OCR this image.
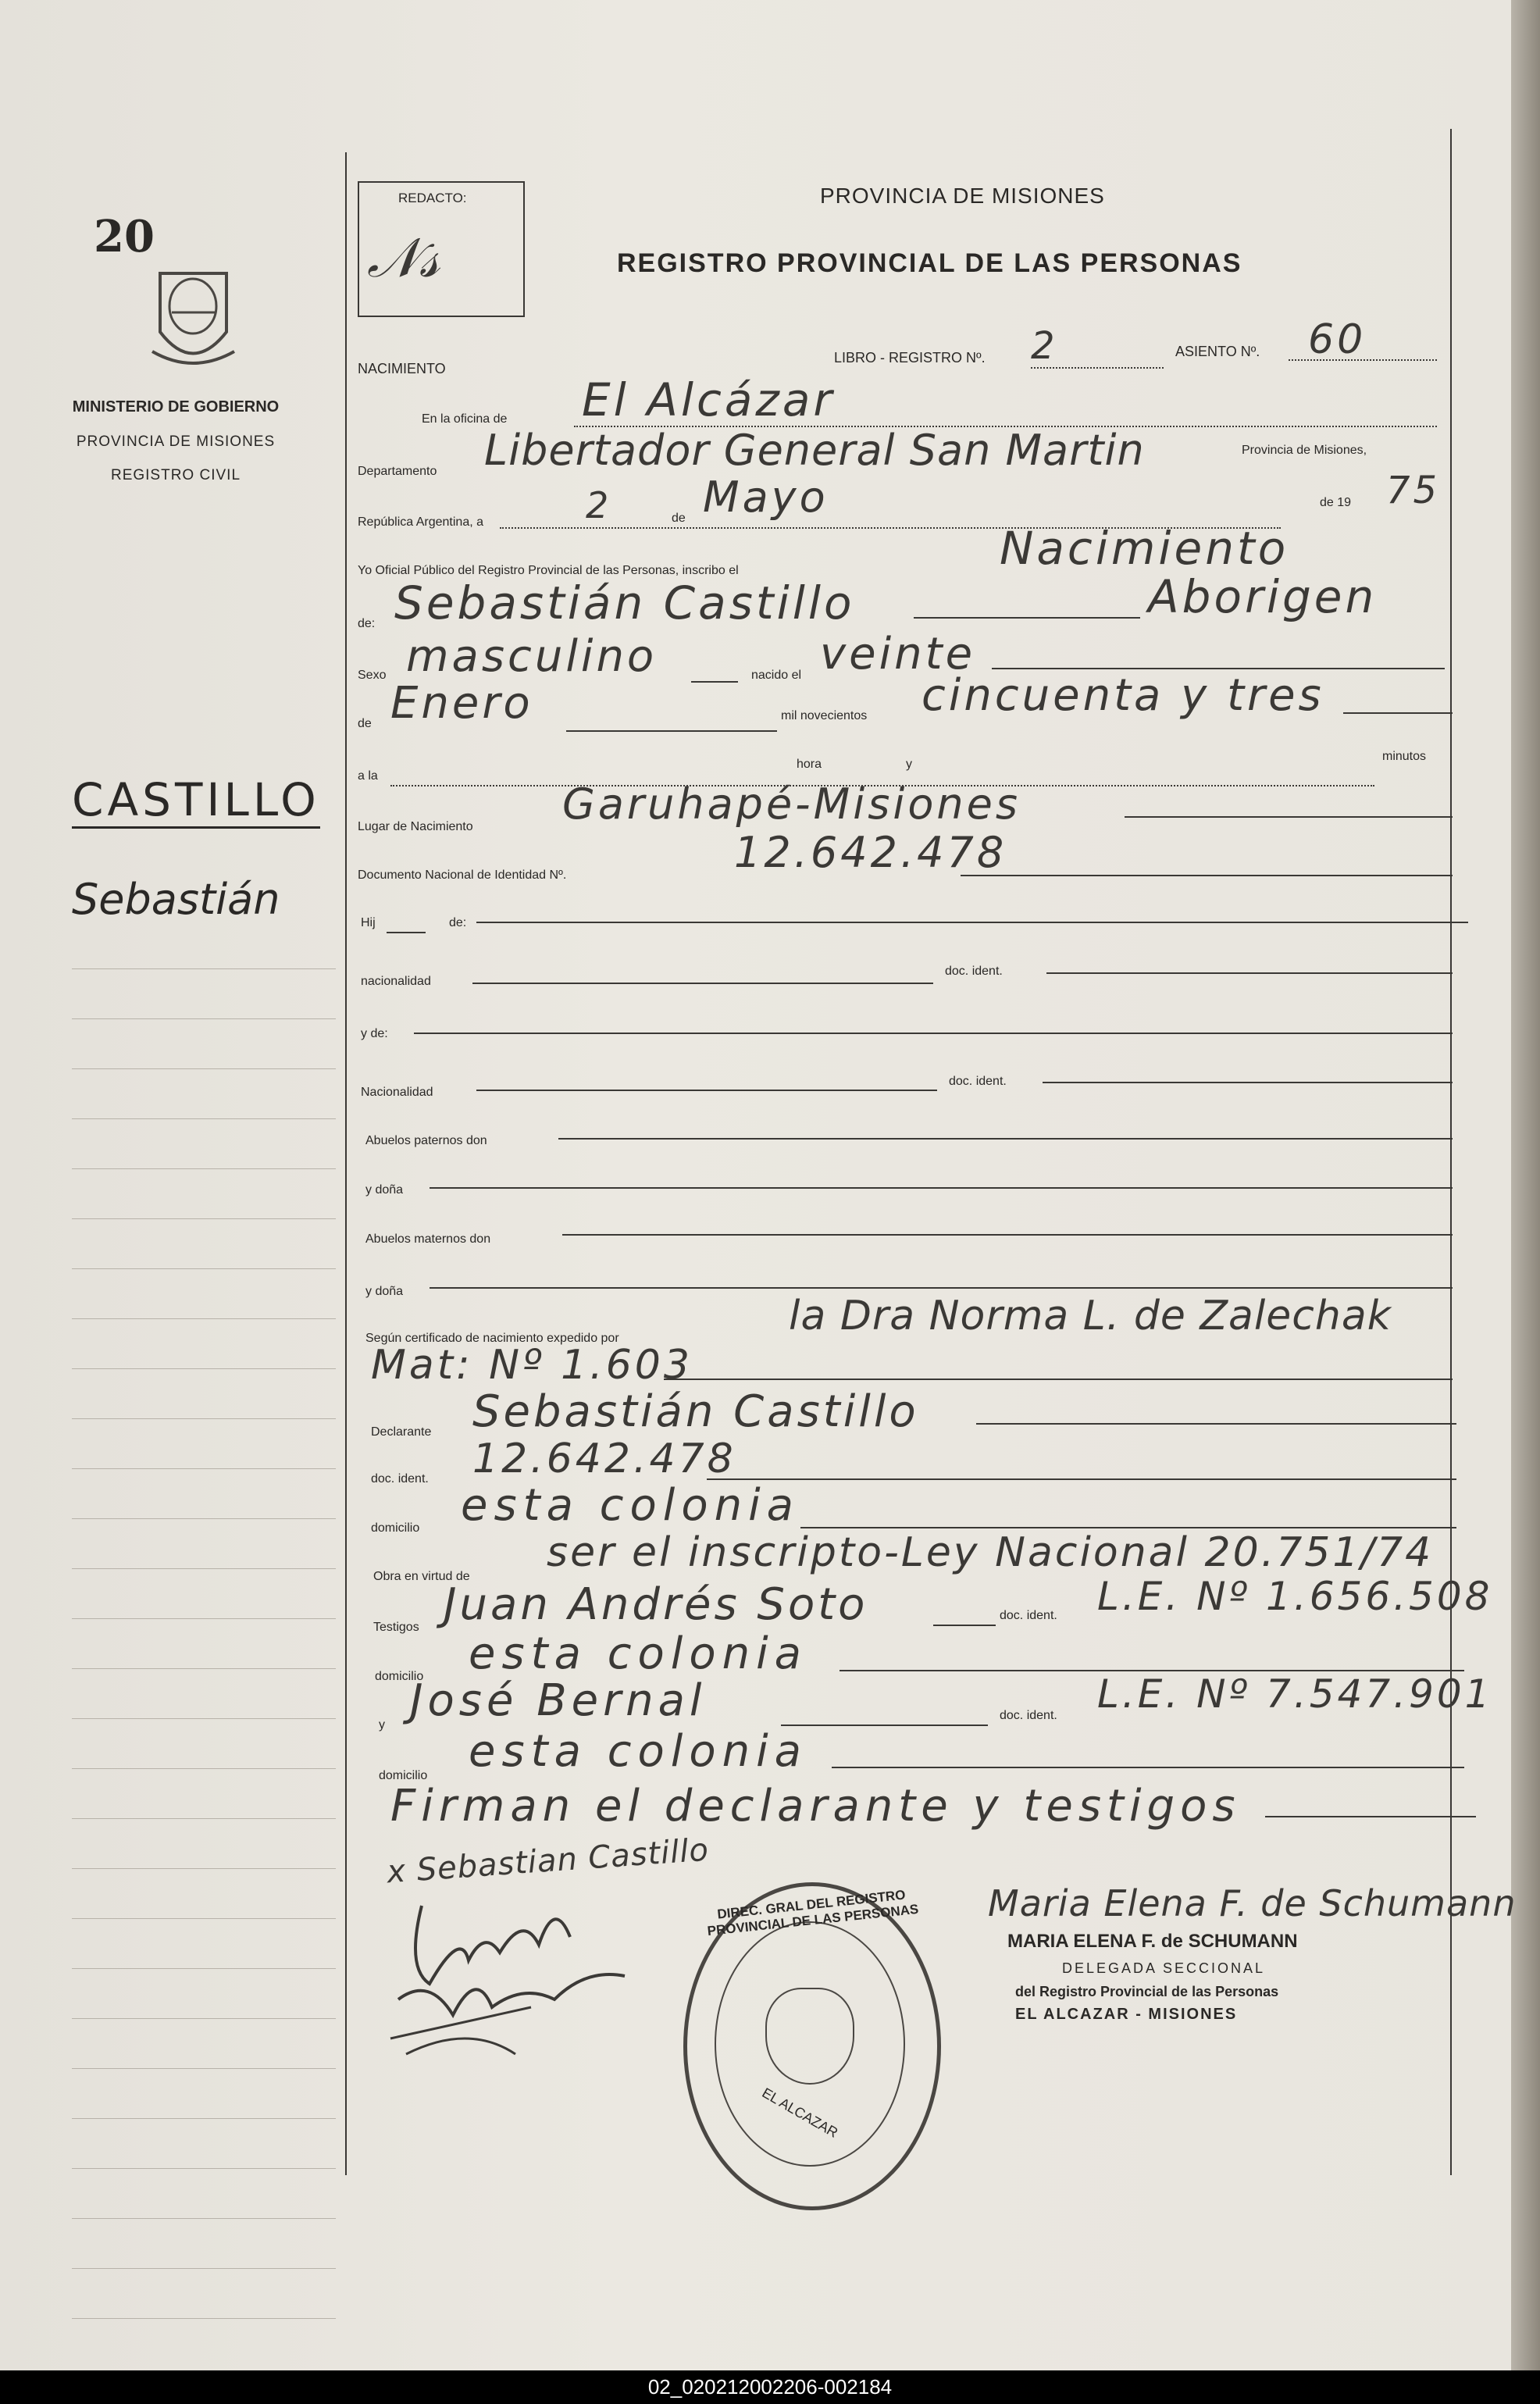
20
MINISTERIO DE GOBIERNO
PROVINCIA DE MISIONES
REGISTRO CIVIL
CASTILLO
Sebastián
REDACTO:
𝒩𝓈
PROVINCIA DE MISIONES
REGISTRO PROVINCIAL DE LAS PERSONAS
NACIMIENTO
LIBRO - REGISTRO Nº. 2	ASIENTO Nº. 60
En la oficina de El Alcázar
Departamento Libertador General San Martin	Provincia de Misiones,
República Argentina, a	2	de Mayo	de 19 75
Yo Oficial Público del Registro Provincial de las Personas, inscribo el	Nacimiento
de: Sebastián Castillo	Aborigen
Sexo masculino	nacido el veinte
de Enero	mil novecientos cincuenta y tres
a la
hora	y
minutos
Lugar de Nacimiento Garuhapé-Misiones
Documento Nacional de Identidad Nº.	12.642.478
Hij	de:
nacionalidad
doc. ident.
y de:
Nacionalidad
doc. ident.
Abuelos paternos don
y doña
Abuelos maternos don
y doña
Según certificado de nacimiento expedido por	la Dra Norma L. de Zalechak
Mat: Nº 1.603
Declarante Sebastián Castillo
doc. ident. 12.642.478
domicilio esta colonia
Obra en virtud de
ser el inscripto-Ley Nacional 20.751/74
Testigos Juan Andrés Soto	doc. ident. L.E. Nº 1.656.508
domicilio esta colonia
y José Bernal	doc. ident. L.E. Nº 7.547.901
domicilio esta colonia
Firman el declarante y testigos
x Sebastian Castillo
DIREC. GRAL DEL REGISTRO PROVINCIAL DE LAS PERSONAS
EL ALCAZAR
Maria Elena F. de Schumann
MARIA ELENA F. de SCHUMANN
DELEGADA SECCIONAL
del Registro Provincial de las Personas
EL ALCAZAR - MISIONES
02_020212002206-002184
